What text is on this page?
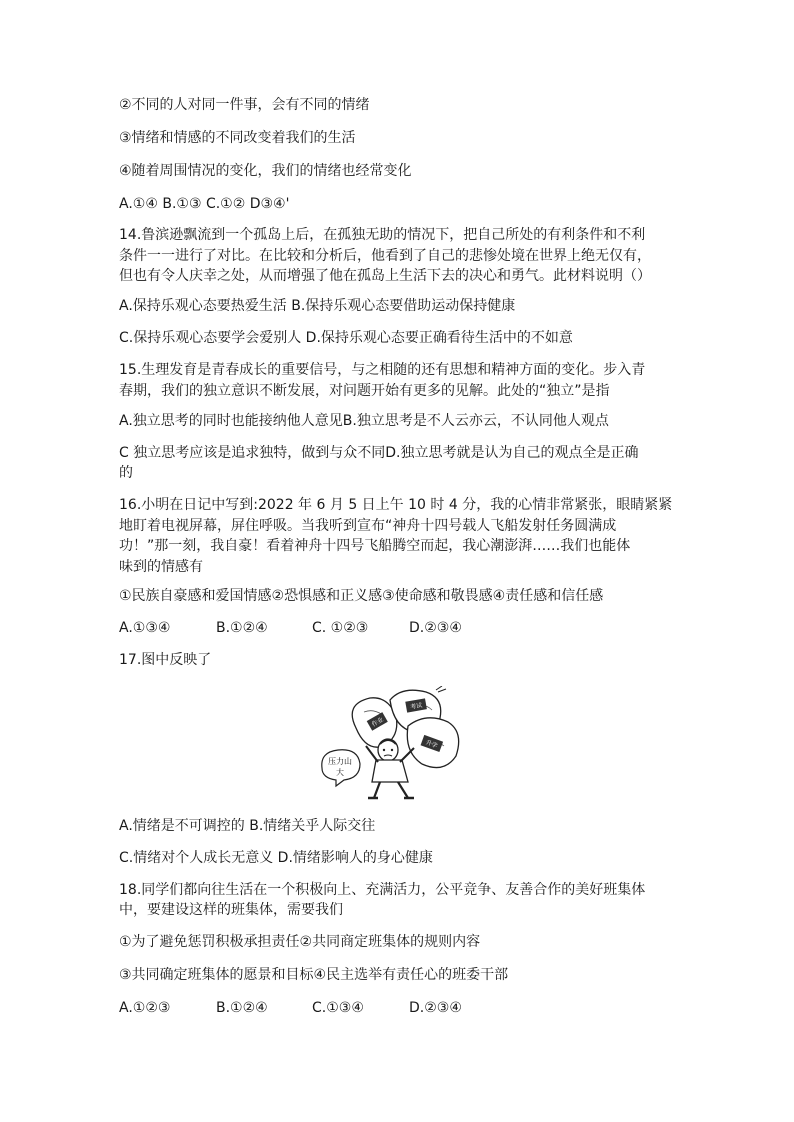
②不同的人对同一件事，会有不同的情绪
③情绪和情感的不同改变着我们的生活
④随着周围情况的变化，我们的情绪也经常变化
A.①④ B.①③ C.①② D③④'
14.鲁滨逊飘流到一个孤岛上后，在孤独无助的情况下，把自己所处的有利条件和不利
条件一一进行了对比。在比较和分析后，他看到了自己的悲惨处境在世界上绝无仅有，
但也有令人庆幸之处，从而增强了他在孤岛上生活下去的决心和勇气。此材料说明（）
A.保持乐观心态要热爱生活 B.保持乐观心态要借助运动保持健康
C.保持乐观心态要学会爱别人 D.保持乐观心态要正确看待生活中的不如意
15.生理发育是青春成长的重要信号，与之相随的还有思想和精神方面的变化。步入青
春期，我们的独立意识不断发展，对问题开始有更多的见解。此处的“独立”是指
A.独立思考的同时也能接纳他人意见B.独立思考是不人云亦云，不认同他人观点
C 独立思考应该是追求独特，做到与众不同D.独立思考就是认为自己的观点全是正确
的
16.小明在日记中写到:2022 年 6 月 5 日上午 10 时 4 分，我的心情非常紧张，眼睛紧紧
地盯着电视屏幕，屏住呼吸。当我听到宣布“神舟十四号载人飞船发射任务圆满成
功！”那一刻，我自豪！看着神舟十四号飞船腾空而起，我心潮澎湃……我们也能体
味到的情感有
①民族自豪感和爱国情感②恐惧感和正义感③使命感和敬畏感④责任感和信任感
A.①③④	B.①②④	C. ①②③	D.②③④
17.图中反映了
作业
考试
升学
压力山
大
A.情绪是不可调控的 B.情绪关乎人际交往
C.情绪对个人成长无意义 D.情绪影响人的身心健康
18.同学们都向往生活在一个积极向上、充满活力，公平竞争、友善合作的美好班集体
中，要建设这样的班集体，需要我们
①为了避免惩罚积极承担责任②共同商定班集体的规则内容
③共同确定班集体的愿景和目标④民主选举有责任心的班委干部
A.①②③	B.①②④	C.①③④	D.②③④
